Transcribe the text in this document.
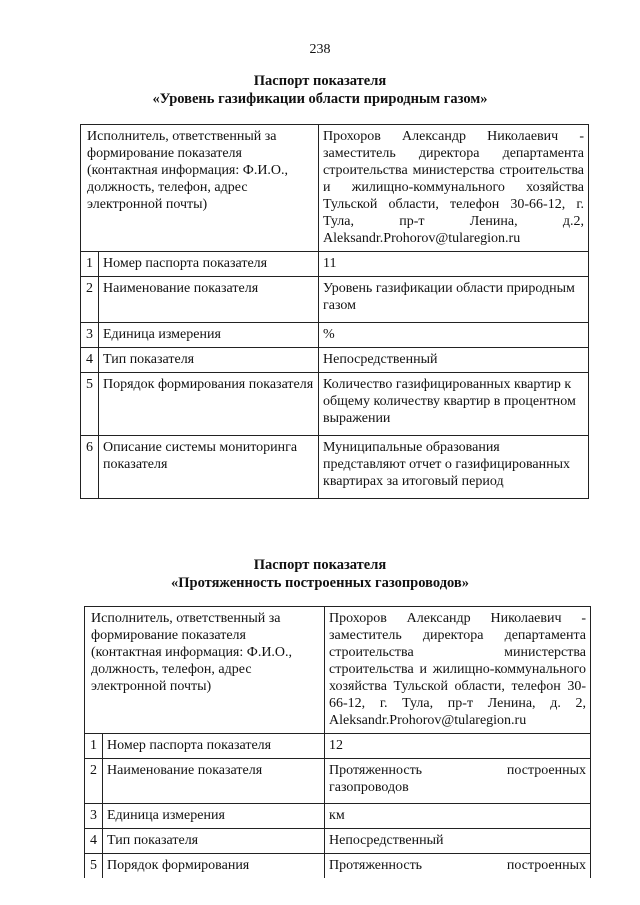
238
Паспорт показателя
«Уровень газификации области природным газом»
Исполнитель, ответственный за формирование показателя (контактная информация: Ф.И.О., должность, телефон, адрес электронной почты)		Прохоров Александр Николаевич - заместитель директора департамента строительства министерства строительства и жилищно-коммунального хозяйства Тульской области, телефон 30-66-12, г. Тула, пр-т Ленина, д.2, Aleksandr.Prohorov@tularegion.ru
1	Номер паспорта показателя	11
2	Наименование показателя	Уровень газификации области природным газом
3	Единица измерения	%
4	Тип показателя	Непосредственный
5	Порядок формирования показателя	Количество газифицированных квартир к общему количеству квартир в процентном выражении
6	Описание системы мониторинга показателя	Муниципальные образования представляют отчет о газифицированных квартирах за итоговый период
Паспорт показателя
«Протяженность построенных газопроводов»
Исполнитель, ответственный за формирование показателя (контактная информация: Ф.И.О., должность, телефон, адрес электронной почты)		Прохоров Александр Николаевич - заместитель директора департамента строительства министерства строительства и жилищно-коммунального хозяйства Тульской области, телефон 30-66-12, г. Тула, пр-т Ленина, д. 2, Aleksandr.Prohorov@tularegion.ru
1	Номер паспорта показателя	12
2	Наименование показателя	Протяженность построенных газопроводов
3	Единица измерения	км
4	Тип показателя	Непосредственный
5	Порядок формирования	Протяженность построенных
